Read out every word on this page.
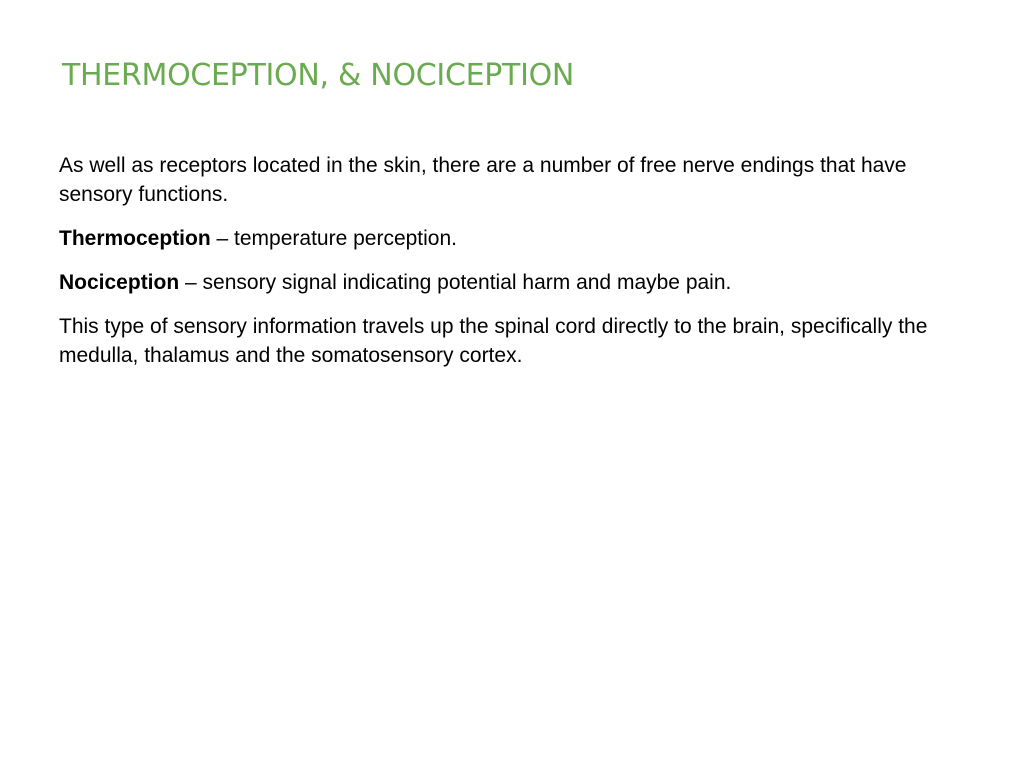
THERMOCEPTION, & NOCICEPTION

As well as receptors located in the skin, there are a number of free nerve endings that have sensory functions.

Thermoception – temperature perception.

Nociception – sensory signal indicating potential harm and maybe pain.

This type of sensory information travels up the spinal cord directly to the brain, specifically the medulla, thalamus and the somatosensory cortex.
